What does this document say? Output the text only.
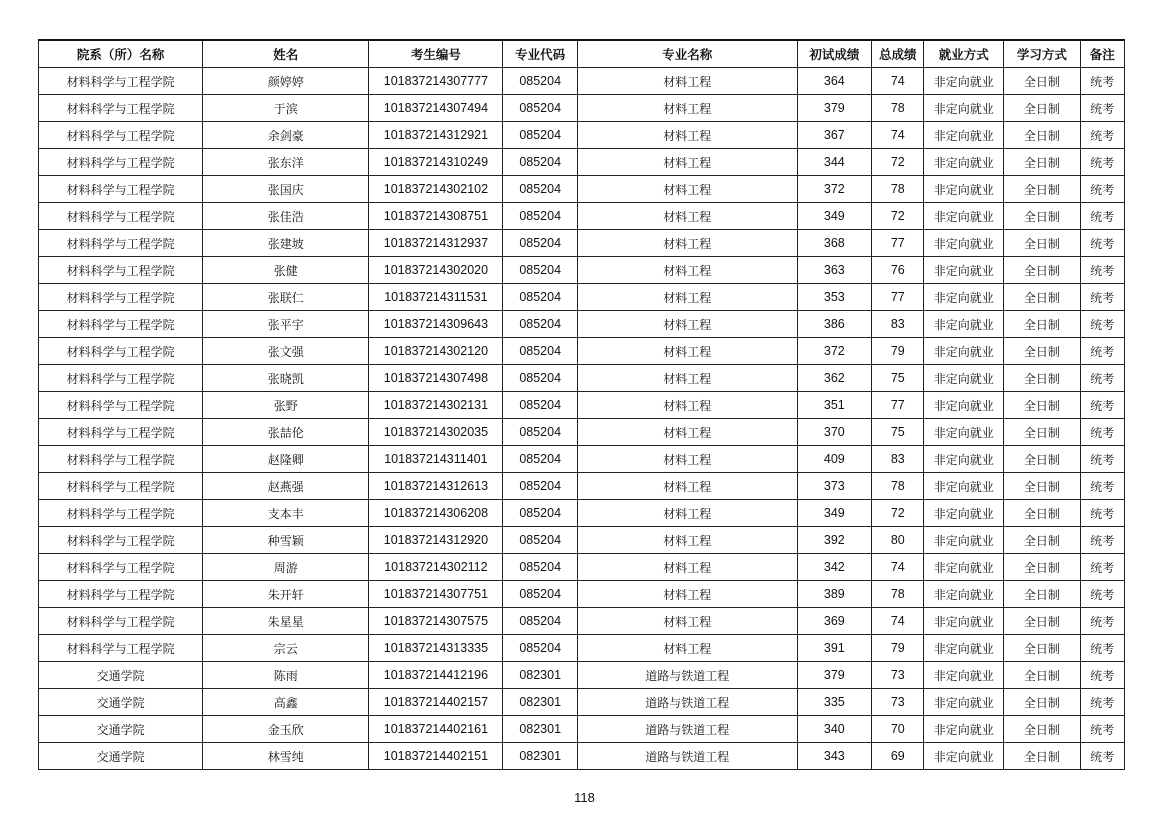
院系（所）名称	姓名	考生编号	专业代码	专业名称	初试成绩	总成绩	就业方式	学习方式	备注
材料科学与工程学院	颜婷婷	101837214307777	085204	材料工程	364	74	非定向就业	全日制	统考
材料科学与工程学院	于滨	101837214307494	085204	材料工程	379	78	非定向就业	全日制	统考
材料科学与工程学院	余剑豪	101837214312921	085204	材料工程	367	74	非定向就业	全日制	统考
材料科学与工程学院	张东洋	101837214310249	085204	材料工程	344	72	非定向就业	全日制	统考
材料科学与工程学院	张国庆	101837214302102	085204	材料工程	372	78	非定向就业	全日制	统考
材料科学与工程学院	张佳浩	101837214308751	085204	材料工程	349	72	非定向就业	全日制	统考
材料科学与工程学院	张建坡	101837214312937	085204	材料工程	368	77	非定向就业	全日制	统考
材料科学与工程学院	张健	101837214302020	085204	材料工程	363	76	非定向就业	全日制	统考
材料科学与工程学院	张联仁	101837214311531	085204	材料工程	353	77	非定向就业	全日制	统考
材料科学与工程学院	张平宇	101837214309643	085204	材料工程	386	83	非定向就业	全日制	统考
材料科学与工程学院	张文强	101837214302120	085204	材料工程	372	79	非定向就业	全日制	统考
材料科学与工程学院	张晓凯	101837214307498	085204	材料工程	362	75	非定向就业	全日制	统考
材料科学与工程学院	张野	101837214302131	085204	材料工程	351	77	非定向就业	全日制	统考
材料科学与工程学院	张喆伦	101837214302035	085204	材料工程	370	75	非定向就业	全日制	统考
材料科学与工程学院	赵隆卿	101837214311401	085204	材料工程	409	83	非定向就业	全日制	统考
材料科学与工程学院	赵燕强	101837214312613	085204	材料工程	373	78	非定向就业	全日制	统考
材料科学与工程学院	支本丰	101837214306208	085204	材料工程	349	72	非定向就业	全日制	统考
材料科学与工程学院	种雪颖	101837214312920	085204	材料工程	392	80	非定向就业	全日制	统考
材料科学与工程学院	周游	101837214302112	085204	材料工程	342	74	非定向就业	全日制	统考
材料科学与工程学院	朱开轩	101837214307751	085204	材料工程	389	78	非定向就业	全日制	统考
材料科学与工程学院	朱星星	101837214307575	085204	材料工程	369	74	非定向就业	全日制	统考
材料科学与工程学院	宗云	101837214313335	085204	材料工程	391	79	非定向就业	全日制	统考
交通学院	陈雨	101837214412196	082301	道路与铁道工程	379	73	非定向就业	全日制	统考
交通学院	高鑫	101837214402157	082301	道路与铁道工程	335	73	非定向就业	全日制	统考
交通学院	金玉欣	101837214402161	082301	道路与铁道工程	340	70	非定向就业	全日制	统考
交通学院	林雪纯	101837214402151	082301	道路与铁道工程	343	69	非定向就业	全日制	统考
118
